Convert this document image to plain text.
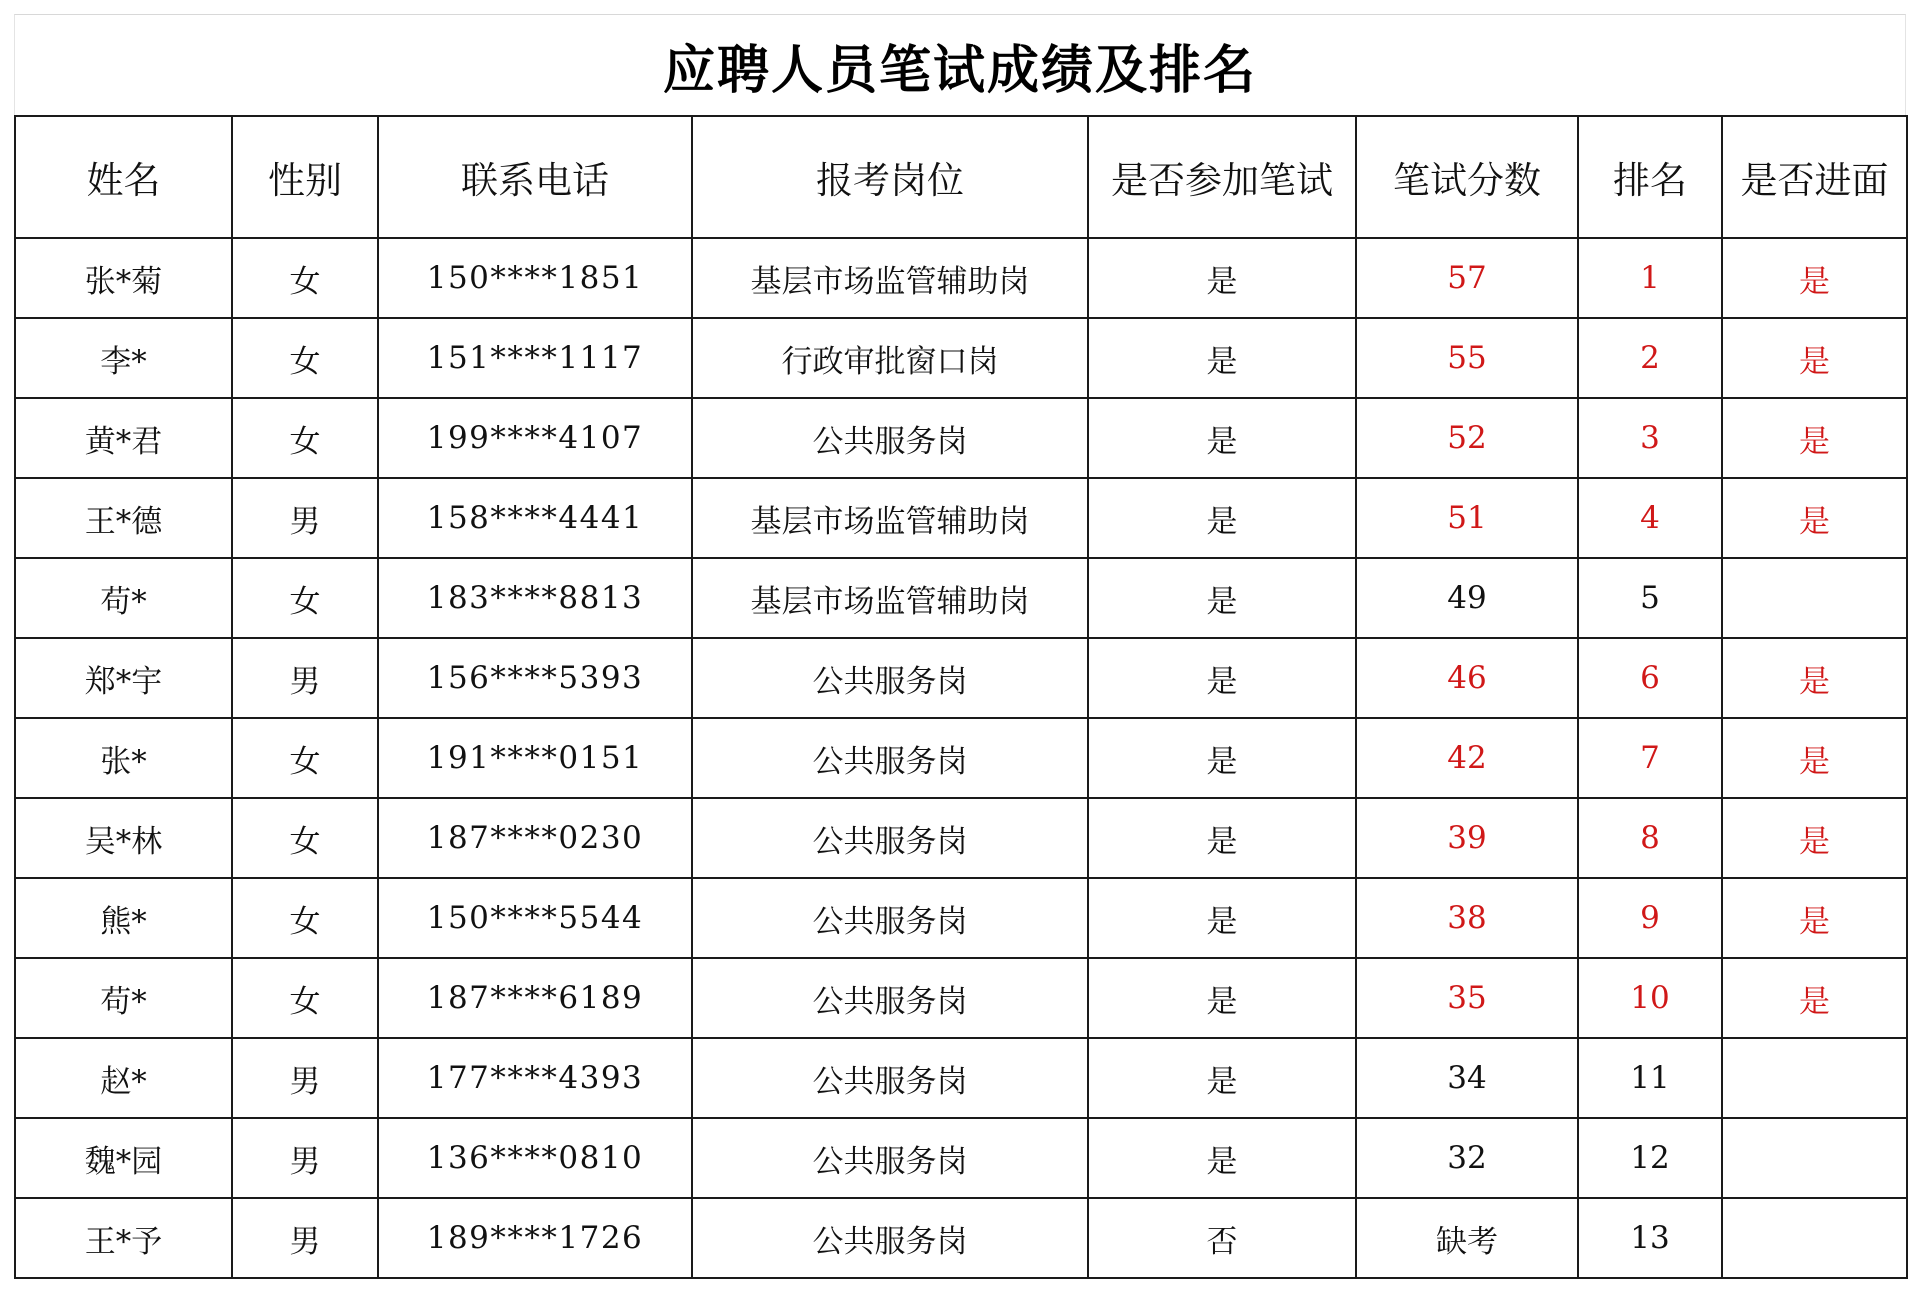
应聘人员笔试成绩及排名
姓名	性别	联系电话	报考岗位	是否参加笔试	笔试分数	排名	是否进面
张*菊	女	150****1851	基层市场监管辅助岗	是	57	1	是
李*	女	151****1117	行政审批窗口岗	是	55	2	是
黄*君	女	199****4107	公共服务岗	是	52	3	是
王*德	男	158****4441	基层市场监管辅助岗	是	51	4	是
苟*	女	183****8813	基层市场监管辅助岗	是	49	5	
郑*宇	男	156****5393	公共服务岗	是	46	6	是
张*	女	191****0151	公共服务岗	是	42	7	是
吴*林	女	187****0230	公共服务岗	是	39	8	是
熊*	女	150****5544	公共服务岗	是	38	9	是
苟*	女	187****6189	公共服务岗	是	35	10	是
赵*	男	177****4393	公共服务岗	是	34	11	
魏*园	男	136****0810	公共服务岗	是	32	12	
王*予	男	189****1726	公共服务岗	否	缺考	13	
